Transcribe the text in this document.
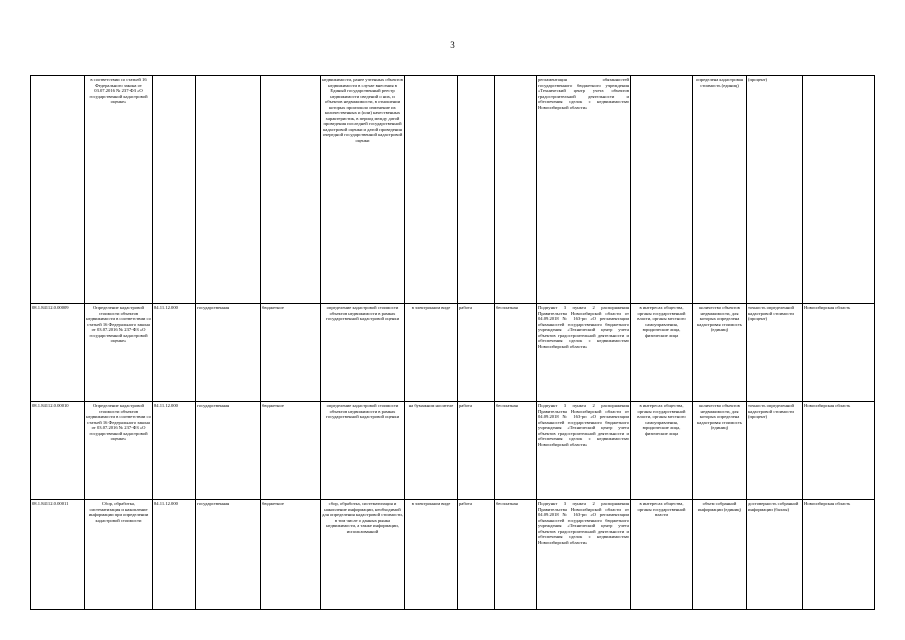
3
	в соответствии со статьей 16 Федерального закона от 03.07.2016 № 237-ФЗ «О государственной кадастровой оценке»				недвижимости, ранее учтенных объектов недвижимости в случае внесения в Единый государственный реестр недвижимости сведений о них, и объектов недвижимости, в отношении которых произошло изменение их количественных и (или) качественных характеристик, в период между датой проведения последней государственной кадастровой оценки и датой проведения очередной государственной кадастровой оценки				регламентация обязанностей государственного бюджетного учреждения «Технический центр учета объектов градостроительной деятельности и обеспечения сделок с недвижимостью Новосибирской области»		определена кадастровая стоимость (единиц)	(процент)	
08.1.84112.0.00009	Определение кадастровой стоимости объектов недвижимости в соответствии со статьей 16 Федерального закона от 03.07.2016 № 237-ФЗ «О государственной кадастровой оценке»	84.11.12.000	государственная	бюджетное	определение кадастровой стоимости объектов недвижимости в рамках государственной кадастровой оценки	в электронном виде	работа	бесплатная	Подпункт 3 пункта 2 распоряжения Правительства Новосибирской области от 04.09.2018 № 163-рп «О регламентации обязанностей государственного бюджетного учреждения «Технический центр учета объектов градостроительной деятельности и обеспечения сделок с недвижимостью Новосибирской области»	в интересах общества, органы государственной власти, органы местного самоуправления, юридические лица, физические лица	количество объектов недвижимости, для которых определена кадастровая стоимость (единиц)	точность определенной кадастровой стоимости (процент)	Новосибирская область
08.1.84112.0.00010	Определение кадастровой стоимости объектов недвижимости в соответствии со статьей 16 Федерального закона от 03.07.2016 № 237-ФЗ «О государственной кадастровой оценке»	84.11.12.000	государственная	бюджетное	определение кадастровой стоимости объектов недвижимости в рамках государственной кадастровой оценки	на бумажном носителе	работа	бесплатная	Подпункт 3 пункта 2 распоряжения Правительства Новосибирской области от 04.09.2018 № 163-рп «О регламентации обязанностей государственного бюджетного учреждения «Технический центр учета объектов градостроительной деятельности и обеспечения сделок с недвижимостью Новосибирской области»	в интересах общества, органы государственной власти, органы местного самоуправления, юридические лица, физические лица	количество объектов недвижимости, для которых определена кадастровая стоимость (единиц)	точность определенной кадастровой стоимости (процент)	Новосибирская область
08.1.84112.0.00011	Сбор, обработка, систематизация и накопление информации при определении кадастровой стоимости	84.11.12.000	государственная	бюджетное	сбор, обработка, систематизация и накопление информации, необходимой для определения кадастровой стоимости, в том числе о данных рынка недвижимости, а также информации, использованной	в электронном виде	работа	бесплатная	Подпункт 3 пункта 2 распоряжения Правительства Новосибирской области от 04.09.2018 № 163-рп «О регламентации обязанностей государственного бюджетного учреждения «Технический центр учета объектов градостроительной деятельности и обеспечения сделок с недвижимостью Новосибирской области»	в интересах общества, органы государственной власти	объем собранной информации (единиц)	достоверность собранной информации (баллы)	Новосибирская область
